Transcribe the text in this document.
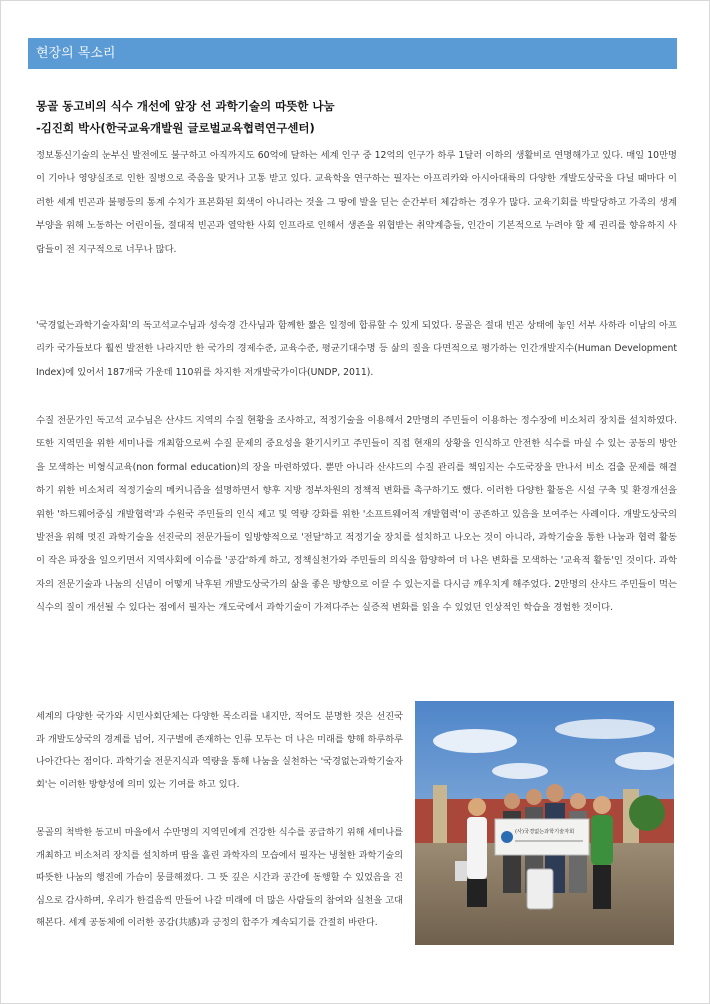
현장의 목소리
몽골 동고비의 식수 개선에 앞장 선 과학기술의 따뜻한 나눔
-김진희 박사(한국교육개발원 글로벌교육협력연구센터)

정보통신기술의 눈부신 발전에도 불구하고 아직까지도 60억에 달하는 세계 인구 중 12억의 인구가 하루 1달러 이하의 생활비로 연명해가고 있다. 매일 10만명이 기아나 영양실조로 인한 질병으로 죽음을 맞거나 고통 받고 있다. 교육학을 연구하는 필자는 아프리카와 아시아대륙의 다양한 개발도상국을 다닐 때마다 이러한 세계 빈곤과 불평등의 통계 수치가 표본화된 회색이 아니라는 것을 그 땅에 발을 딛는 순간부터 체감하는 경우가 많다. 교육기회를 박탈당하고 가족의 생계 부양을 위해 노동하는 어린이들, 절대적 빈곤과 열악한 사회 인프라로 인해서 생존을 위협받는 취약계층들, 인간이 기본적으로 누려야 할 제 권리를 향유하지 사람들이 전 지구적으로 너무나 많다.

'국경없는과학기술자회'의 독고석교수님과 성숙경 간사님과 함께한 짧은 일정에 합류할 수 있게 되었다. 몽골은 절대 빈곤 상태에 놓인 서부 사하라 이남의 아프리카 국가들보다 훨씬 발전한 나라지만 한 국가의 경제수준, 교육수준, 평균기대수명 등 삶의 질을 다면적으로 평가하는 인간개발지수(Human Development Index)에 있어서 187개국 가운데 110위를 차지한 저개발국가이다(UNDP, 2011).

수질 전문가인 독고석 교수님은 산샤드 지역의 수질 현황을 조사하고, 적정기술을 이용해서 2만명의 주민들이 이용하는 정수장에 비소처리 장치를 설치하였다. 또한 지역민을 위한 세미나를 개최함으로써 수질 문제의 중요성을 환기시키고 주민들이 직접 현재의 상황을 인식하고 안전한 식수를 마실 수 있는 공동의 방안을 모색하는 비형식교육(non formal education)의 장을 마련하였다. 뿐만 아니라 산샤드의 수질 관리를 책임지는 수도국장을 만나서 비소 검출 문제를 해결하기 위한 비소처리 적정기술의 메커니즘을 설명하면서 향후 지방 정부차원의 정책적 변화를 촉구하기도 했다. 이러한 다양한 활동은 시설 구축 및 환경개선을 위한 '하드웨어중심 개발협력'과 수원국 주민들의 인식 제고 및 역량 강화를 위한 '소프트웨어적 개발협력'이 공존하고 있음을 보여주는 사례이다. 개발도상국의 발전을 위해 멋진 과학기술을 선진국의 전문가들이 일방향적으로 '전달'하고 적정기술 장치를 설치하고 나오는 것이 아니라, 과학기술을 통한 나눔과 협력 활동이 작은 파장을 일으키면서 지역사회에 이슈를 '공감'하게 하고, 정책실천가와 주민들의 의식을 함양하여 더 나은 변화를 모색하는 '교육적 활동'인 것이다. 과학자의 전문기술과 나눔의 신념이 어떻게 낙후된 개발도상국가의 삶을 좋은 방향으로 이끌 수 있는지를 다시금 깨우치게 해주었다. 2만명의 산샤드 주민들이 먹는 식수의 질이 개선될 수 있다는 점에서 필자는 개도국에서 과학기술이 가져다주는 실증적 변화를 읽을 수 있었던 인상적인 학습을 경험한 것이다.

세계의 다양한 국가와 시민사회단체는 다양한 목소리를 내지만, 적어도 분명한 것은 선진국과 개발도상국의 경계를 넘어, 지구별에 존재하는 인류 모두는 더 나은 미래를 향해 하루하루 나아간다는 점이다. 과학기술 전문지식과 역량을 통해 나눔을 실천하는 '국경없는과학기술자회'는 이러한 방향성에 의미 있는 기여를 하고 있다.

몽골의 척박한 동고비 마을에서 수만명의 지역민에게 건강한 식수를 공급하기 위해 세미나를 개최하고 비소처리 장치를 설치하며 땀을 흘린 과학자의 모습에서 필자는 냉철한 과학기술의 따뜻한 나눔의 행진에 가슴이 뭉클해졌다. 그 뜻 깊은 시간과 공간에 동행할 수 있었음을 진심으로 감사하며, 우리가 한걸음씩 만들어 나갈 미래에 더 많은 사람들의 참여와 실천을 고대해본다. 세계 공동체에 이러한 공감(共感)과 긍정의 합주가 계속되기를 간절히 바란다.

(사)국경없는과학기술자회
